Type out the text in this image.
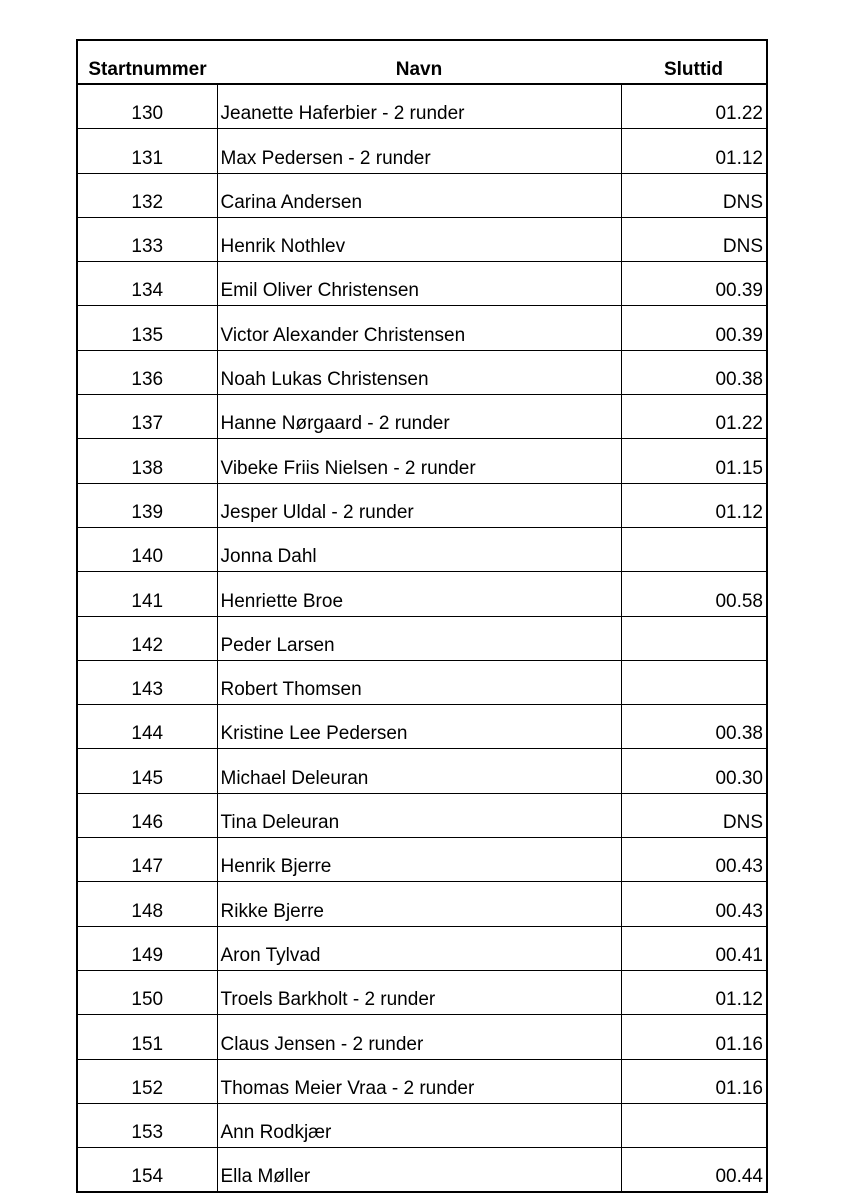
Startnummer	Navn	Sluttid
130	Jeanette Haferbier - 2 runder	01.22
131	Max Pedersen - 2 runder	01.12
132	Carina Andersen	DNS
133	Henrik Nothlev	DNS
134	Emil Oliver Christensen	00.39
135	Victor Alexander Christensen	00.39
136	Noah Lukas Christensen	00.38
137	Hanne Nørgaard - 2 runder	01.22
138	Vibeke Friis Nielsen - 2 runder	01.15
139	Jesper Uldal - 2 runder	01.12
140	Jonna Dahl	
141	Henriette Broe	00.58
142	Peder Larsen	
143	Robert Thomsen	
144	Kristine Lee Pedersen	00.38
145	Michael Deleuran	00.30
146	Tina Deleuran	DNS
147	Henrik Bjerre	00.43
148	Rikke Bjerre	00.43
149	Aron Tylvad	00.41
150	Troels Barkholt - 2 runder	01.12
151	Claus Jensen - 2 runder	01.16
152	Thomas Meier Vraa - 2 runder	01.16
153	Ann Rodkjær	
154	Ella Møller	00.44
